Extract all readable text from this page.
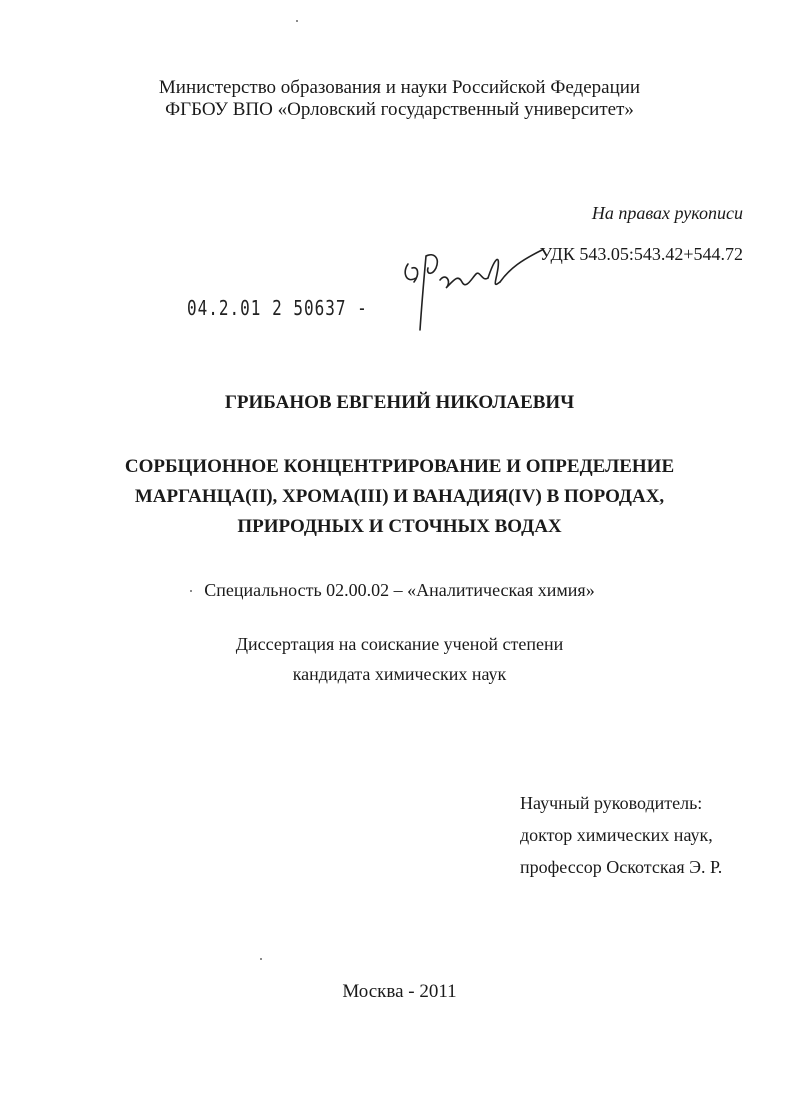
Министерство образования и науки Российской Федерации
ФГБОУ ВПО «Орловский государственный университет»
На правах рукописи
УДК 543.05:543.42+544.72
04.2.01 2 50637 -
ГРИБАНОВ ЕВГЕНИЙ НИКОЛАЕВИЧ
СОРБЦИОННОЕ КОНЦЕНТРИРОВАНИЕ И ОПРЕДЕЛЕНИЕ
МАРГАНЦА(II), ХРОМА(III) И ВАНАДИЯ(IV) В ПОРОДАХ,
ПРИРОДНЫХ И СТОЧНЫХ ВОДАХ
Специальность 02.00.02 – «Аналитическая химия»
Диссертация на соискание ученой степени
кандидата химических наук
Научный руководитель:
доктор химических наук,
профессор Оскотская Э. Р.
Москва - 2011
